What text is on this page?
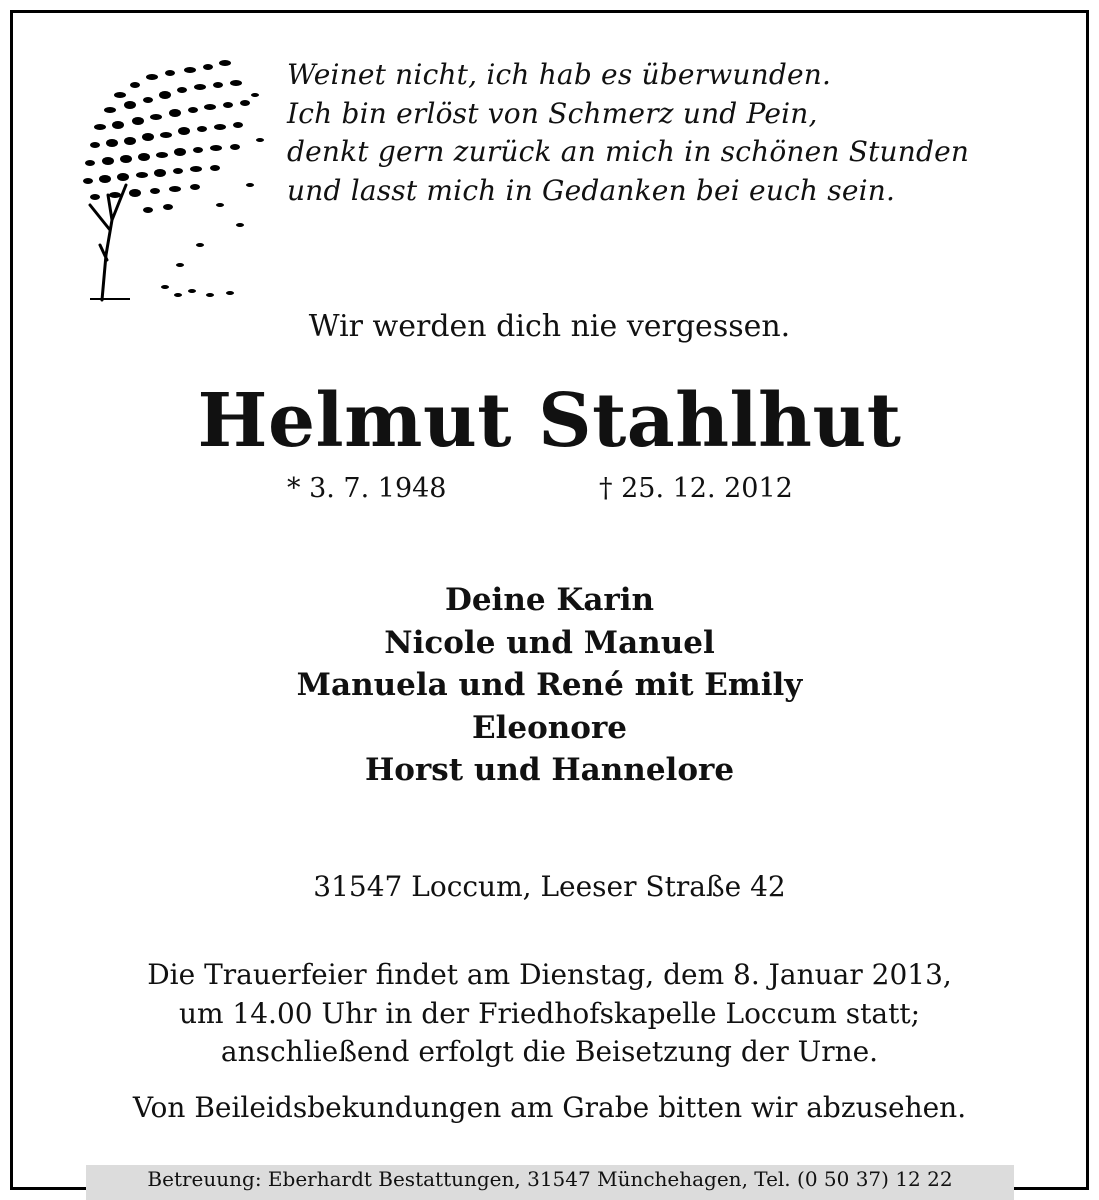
Weinet nicht, ich hab es überwunden.
Ich bin erlöst von Schmerz und Pein,
denkt gern zurück an mich in schönen Stunden
und lasst mich in Gedanken bei euch sein.
Wir werden dich nie vergessen.
Helmut Stahlhut
* 3. 7. 1948	† 25. 12. 2012
Deine Karin
Nicole und Manuel
Manuela und René mit Emily
Eleonore
Horst und Hannelore
31547 Loccum, Leeser Straße 42
Die Trauerfeier findet am Dienstag, dem 8. Januar 2013,
um 14.00 Uhr in der Friedhofskapelle Loccum statt;
anschließend erfolgt die Beisetzung der Urne.
Von Beileidsbekundungen am Grabe bitten wir abzusehen.
Betreuung: Eberhardt Bestattungen, 31547 Münchehagen, Tel. (0 50 37) 12 22
